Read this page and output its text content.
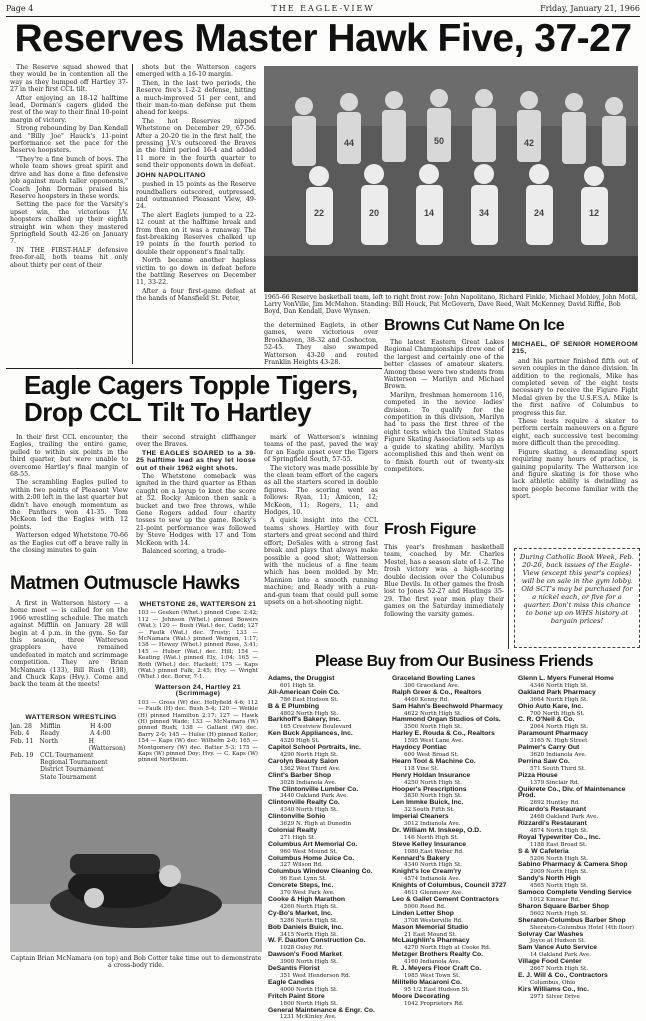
Page 4	THE EAGLE-VIEW	Friday, January 21, 1966
Reserves Master Hawk Five, 37-27

The Reserve squad showed that they would be in contention all the way as they bumped off Hartley 37-27 in their first CCL tilt.

After enjoying an 18-12 halftime lead, Dorman's cagers glided the rest of the way to their final 10-point margin of victory.

Strong rebounding by Dan Kendall and "Billy Joe" Hauck's 11-point performance set the pace for the Reserve hoopsters.

"They're a fine bunch of boys. The whole team shows great spirit and drive and has done a fine defensive job against much taller opponents," Coach John Dorman praised his Reserve hoopsters in these words.

Setting the pace for the Varsity's upset win, the victorious J.V. hoopsters chalked up their eighth straight win when they mastered Springfield South 42-26 on January 7.

IN THE FIRST-HALF defensive free-for-all, both teams hit only about thirty per cent of their

shots but the Watterson cagers emerged with a 16-10 margin.

Then, in the last two periods, the Reserve five's 1-2-2 defense, hitting a much-improved 51 per cent, and their man-to-man defense put them ahead for keeps.

The hot Reserves nipped Whetstone on December 29, 67-56. After a 20-20 tie in the first half, the pressing J.V.'s outscored the Braves in the third period 16-4 and added 11 more in the fourth quarter to send their opponents down in defeat.

JOHN NAPOLITANO

pushed in 15 points as the Reserve roundballers outscored, outpressed, and outmanned Pleasant View, 49-24.

The alert Eaglets jumped to a 22-12 count at the halftime break and from then on it was a runaway. The fast-breaking Reserves chalked up 19 points in the fourth period to double their opponent's final tally.

North became another hapless victim to go down in defeat before the battling Reserves on December 11, 33-22.

After a four first-game defeat at the hands of Mansfield St. Peter,

22	20	14	34	24	12
44	50	42
1965-66 Reserve basketball team, left to right front row: John Napolitano, Richard Finkle, Michael Mobley, John Motil, Larry VonVille, Jim McMahon. Standing: Bill Houck, Pat McGovern, Dave Reed, Walt McKenney, David Riffle, Bob Boyd, Dan Kendall, Dave Wynsen.
the determined Eaglets, in other games, were victorious over Brookhaven, 38-32 and Coshocton, 52-45. They also swamped Watterson 43-20 and routed Franklin Heights 43-28.
Browns Cut Name On Ice

The latest Eastern Great Lakes Regional Championships drew one of the largest and certainly one of the better classes of amateur skaters. Among these were two students from Watterson — Marilyn and Michael Brown.

Marilyn, freshman homeroom 116, competed in the novice ladies' division. To qualify for the competition in this division, Marilyn had to pass the first three of the eight tests which the United States Figure Skating Association sets up as a guide to skating ability. Marilyn accomplished this and then went on to finish fourth out of twenty-six competitors.

MICHAEL, OF SENIOR HOMEROOM 215,

and his partner finished fifth out of seven couples in the dance division. In addition to the regionals, Mike has completed seven of the eight tests necessary to receive the Figure Fight Medal given by the U.S.F.S.A. Mike is the first native of Columbus to progress this far.

These tests require a skater to perform certain maneuvers on a figure eight, each successive test becoming more difficult than the preceding.

Figure skating, a demanding sport requiring many hours of practice, is gaining popularity. The Watterson ice and figure skating is for those who lack athletic ability is dwindling as more people become familiar with the sport.

Eagle Cagers Topple Tigers,
Drop CCL Tilt To Hartley

In their first CCL encounter, the Eagles, trailing the entire game, pulled to within six points in the third quarter, but were unable to overcome Hartley's final margin of 68-55.

The scrambling Eagles pulled to within two points of Pleasant View with 2:00 left in the last quarter but didn't have enough momentum as the Panthers won 41-35. Tom McKeon led the Eagles with 12 points.

Watterson edged Whetstone 70-66 as the Eagles cut off a brave rally in the closing minutes to gain

their second straight cliffhanger over the Braves.

THE EAGLES SOARED to a 39-25 halftime lead as they let loose out of their 1962 eight shots.

The Whetstone comeback was ignited in the third quarter as Ethan caught on a layup to knot the score at 52. Rocky Amicon then sank a bucket and two free throws, while Gene Rogers added four charity tosses to sew up the game. Rocky's 21-point performance was followed by Steve Hodges with 17 and Tom McKeon with 14.

Balanced scoring, a trade-

mark of Watterson's winning teams of the past, paved the way for an Eagle upset over the Tigers of Springfield South, 57-55.

The victory was made possible by the clean team effort of the cagers as all the starters scored in double figures. The scoring went as follows: Ryan, 11; Amicon, 12; McKeon, 11; Rogers, 11; and Hodges, 10.

A quick insight into the CCL teams shows Hartley with four starters and great second and third effort; DeSales with a strong fast break and plays that always make possible a good shot; Watterson with the nucleus of a fine team which has been molded by Mr. Mannion into a smooth running machine; and Ready with a run-and-gun team that could pull some upsets on a hot-shooting night.

Frosh Figure
This year's freshman basketball team, coached by Mr. Charles Mestel, has a season slate of 1-2. The frosh victory was a high-scoring double decision over the Columbus Blue Devils. In other games the frosh lost to Jones 52-27 and Hastings 35-29. The first year men play their games on the Saturday immediately following the varsity games.
During Catholic Book Week, Feb. 20-26, back issues of the Eagle-View (except this year's copies) will be on sale in the gym lobby. Old SCT's may be purchased for a nickel each, or five for a quarter. Don't miss this chance to bone up on WHS history at bargain prices!
Matmen Outmuscle Hawks

A first in Watterson history — a home meet — is called for on the 1966 wrestling schedule. The match against Mifflin on January 28 will begin at 4 p.m. in the gym. So far this season, three Watterson grapplers have remained undefeated in match and scrimmage competition. They are Brian McNamara (133), Bill Rush (138), and Chuck Kaps (Hvy.). Come and back the team at the meets!

WATTERSON WRESTLING
Jan. 28	Mifflin	H 4:00
Feb. 4	Ready	A 4:00
Feb. 11 North	H (Watterson)
Feb. 19	CCL Tournament
Regional Tournament
District Tournament
State Tournament
WHETSTONE 26, WATTERSON 21
103 — Geeken (Whet.) pinned Cope. 2:42; 112 — Johnson (Whet.) pinned Bowers (Wat.); 120 — Bush (Wat.) dec. Cadd; 127 — Faulk (Wat.) dec. Trusty; 133 — McNamara (Wat.) pinned Wengen, 1:17; 138 — Hewey (Whet.) pinned Rose, 3:41; 145 — Huber (Wat.) dec. Hill; 154 — Keating (Wat.) pinned Ely, 1:04; 165 — Roth (Whet.) dec. Hackett; 175 — Kaps (Wat.) pinned Falk, 2:45; Hvy. — Wright (Whet.) dec. Borer, 7-1.
Watterson 24, Hartley 21 (Scrimmage)
103 — Gross (W) dec. Hollyfield 4-6; 112 — Faulk (H) dec. Bush 5-4; 120 — Weikle (H) pinned Hamilton 2:17; 127 — Hawk (H) pinned Wade; 133 — McNamara (W) pinned Bush; 138 — Gallant (W) dec. Barry 2-0; 145 — Hulse (H) pinned Koller; 154 — Kaps (W) dec. Wilhelm 2-0; 165 — Montgomery (W) dec. Batter 5-3; 175 — Kaps (W) pinned Doy; Hvy. — C. Kaps (W) pinned Northeim.
Captain Brian McNamara (on top) and Bob Cotter take time out to demonstrate a cross-body ride.
Please Buy from Our Business Friends
Adams, the Druggist
601 High St.
All-American Coin Co.
786 East Hudson St.
B & E Plumbing
4802 North High St.
Barkhoff's Bakery, Inc.
165 Crestview Boulevard
Ken Buck Appliances, Inc.
4320 High St.
Capitol School Portraits, Inc.
4290 North High St.
Carolyn Beauty Salon
1362 West Third Ave.
Clint's Barber Shop
3028 Indianola Ave.
The Clintonville Lumber Co.
3440 Oakland Park Ave.
Clintonville Realty Co.
4340 North High St.
Clintonville Sohio
3629 N. High at Dunedin
Colonial Realty
271 High St.
Columbus Art Memorial Co.
960 West Mound St.
Columbus Home Juice Co.
327 Wilson Rd.
Columbus Window Cleaning Co.
96 East Lynn St.
Concrete Steps, Inc.
370 West Park Ave.
Cooke & High Marathon
4260 North High St.
Cy-Bo's Market, Inc.
5286 North High St.
Bob Daniels Buick, Inc.
3415 North High St.
W. F. Dauton Construction Co.
1028 Oxley Rd.
Dawson's Food Market
3900 North High St.
DeSantis Florist
351 West Henderson Rd.
Eagle Candies
4000 North High St.
Fritch Paint Store
1800 North High St.
General Maintenance & Engr. Co.
1231 McKinley Ave.
Graceland Bowling Lanes
300 Graceland Ave.
Ralph Greer & Co., Realtors
4460 Kenny Rd.
Sam Hahn's Beechwold Pharmacy
4622 North High St.
Hammond Organ Studios of Cols.
3500 North High St.
Harley E. Rouda & Co., Realtors
1595 West Lane Ave.
Haydocy Pontiac
600 West Broad St.
Hearn Tool & Machine Co.
118 Vine St.
Henry Holdan Insurance
4250 North High St.
Hooper's Prescriptions
3830 North High St.
Len Immke Buick, Inc.
32 South Fifth St.
Imperial Cleaners
3012 Indianola Ave.
Dr. William M. Inskeep, O.D.
146 North High St.
Steve Kelley Insurance
1080 East Weber Rd.
Kennard's Bakery
4340 North High St.
Knight's Ice Cream'ry
4574 Indianola Ave.
Knights of Columbus, Council 3727
4611 Glenmawr Ave.
Leo & Gallet Cement Contractors
5000 Reed Rd.
Linden Letter Shop
3708 Westerville Rd.
Mason Memorial Studio
21 East Mound St.
McLaughlin's Pharmacy
4270 North High at Cooke Rd.
Metzger Brothers Realty Co.
4160 Indianola Ave.
R. J. Meyers Floor Craft Co.
1985 West Town St.
Militello Macaroni Co.
95 1/2 East Hudson St.
Moore Decorating
1042 Proprietors Rd.
Glenn L. Myers Funeral Home
4346 North High St.
Oakland Park Pharmacy
3664 North High St.
Ohio Auto Kare, Inc.
700 North High St.
C. R. O'Neil & Co.
2064 North High St.
Paramount Pharmacy
3165 N. High Street
Palmer's Carry Out
3620 Indianola Ave.
Perrina Saw Co.
571 South Third St.
Pizza House
1379 Sinclair Rd.
Quikrete Co., Div. of Maintenance Prod.
2692 Huntley Rd.
Ricardo's Restaurant
2468 Oakland Park Ave.
Rizzardi's Restaurant
4874 North High St.
Royal Typewriter Co., Inc.
1188 East Broad St.
S & W Cafeteria
5206 North High St.
Sabino Pharmacy & Camera Shop
2909 North High St.
Sandy's North High
4565 North High St.
Samoco Complete Vending Service
1012 Kinnear Rd.
Sharon Square Barber Shop
5602 North High St.
Sheraton-Columbus Barber Shop
Sheraton-Columbus Hotel (4th floor)
Solvray Car Washes
Joyce at Hudson St.
Sam Vance Auto Service
14 Oakland Park Ave.
Village Food Center
2667 North High St.
E. J. Will & Co., Contractors
Columbus, Ohio
Kirs Williams Co., Inc.
2971 Silver Drive
